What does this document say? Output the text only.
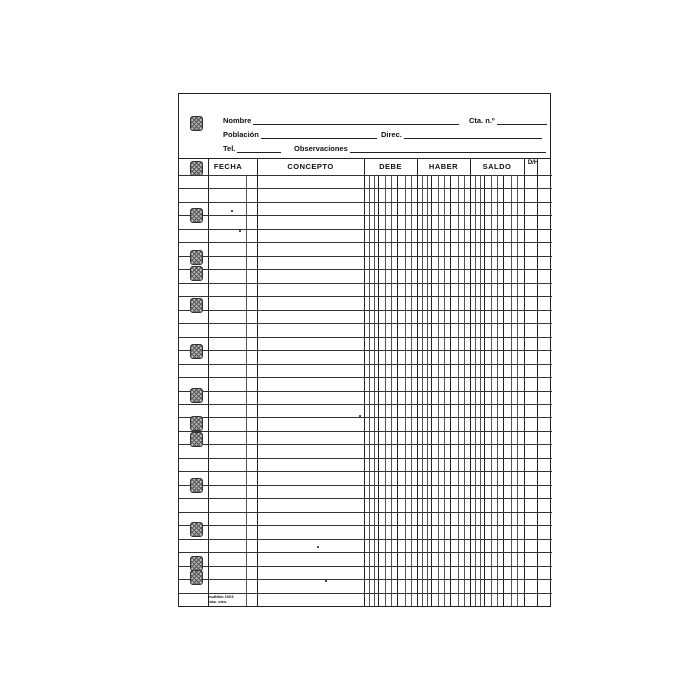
Nombre	Cta. n.º
Población	Direc.
Tel.	Observaciones
FECHA	CONCEPTO	DEBE	HABER	SALDO	D/H
multiblo 1003
ctas. ctes.
